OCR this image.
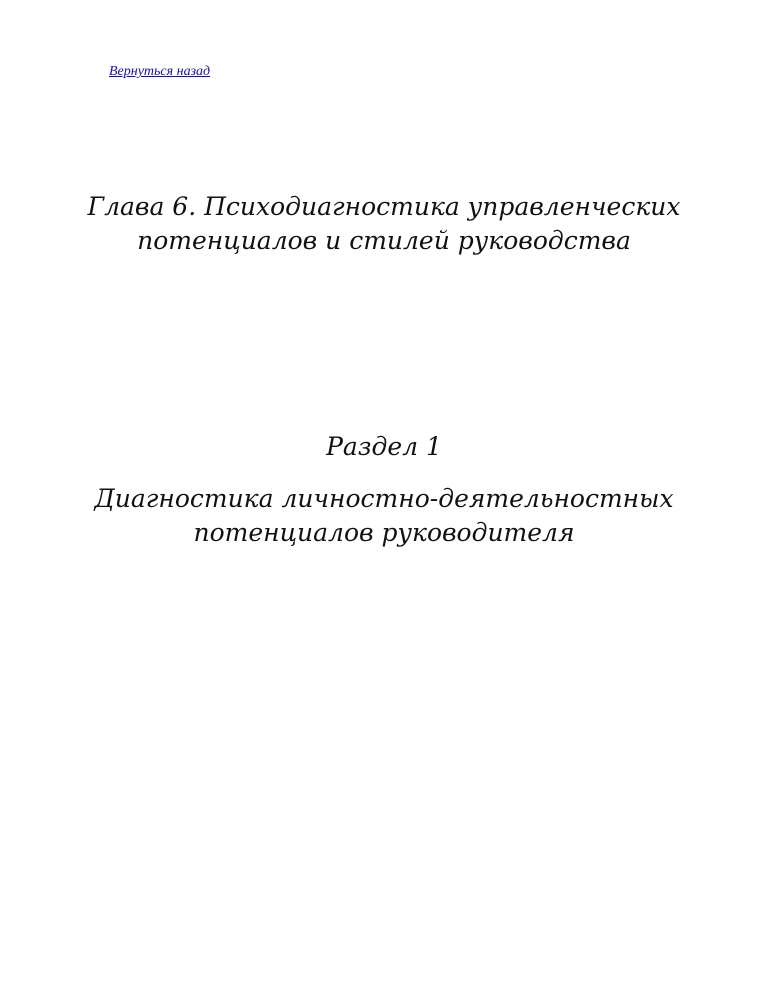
Вернуться назад
Глава 6. Психодиагностика управленческих
потенциалов и стилей руководства
Раздел 1
Диагностика личностно-деятельностных
потенциалов руководителя
